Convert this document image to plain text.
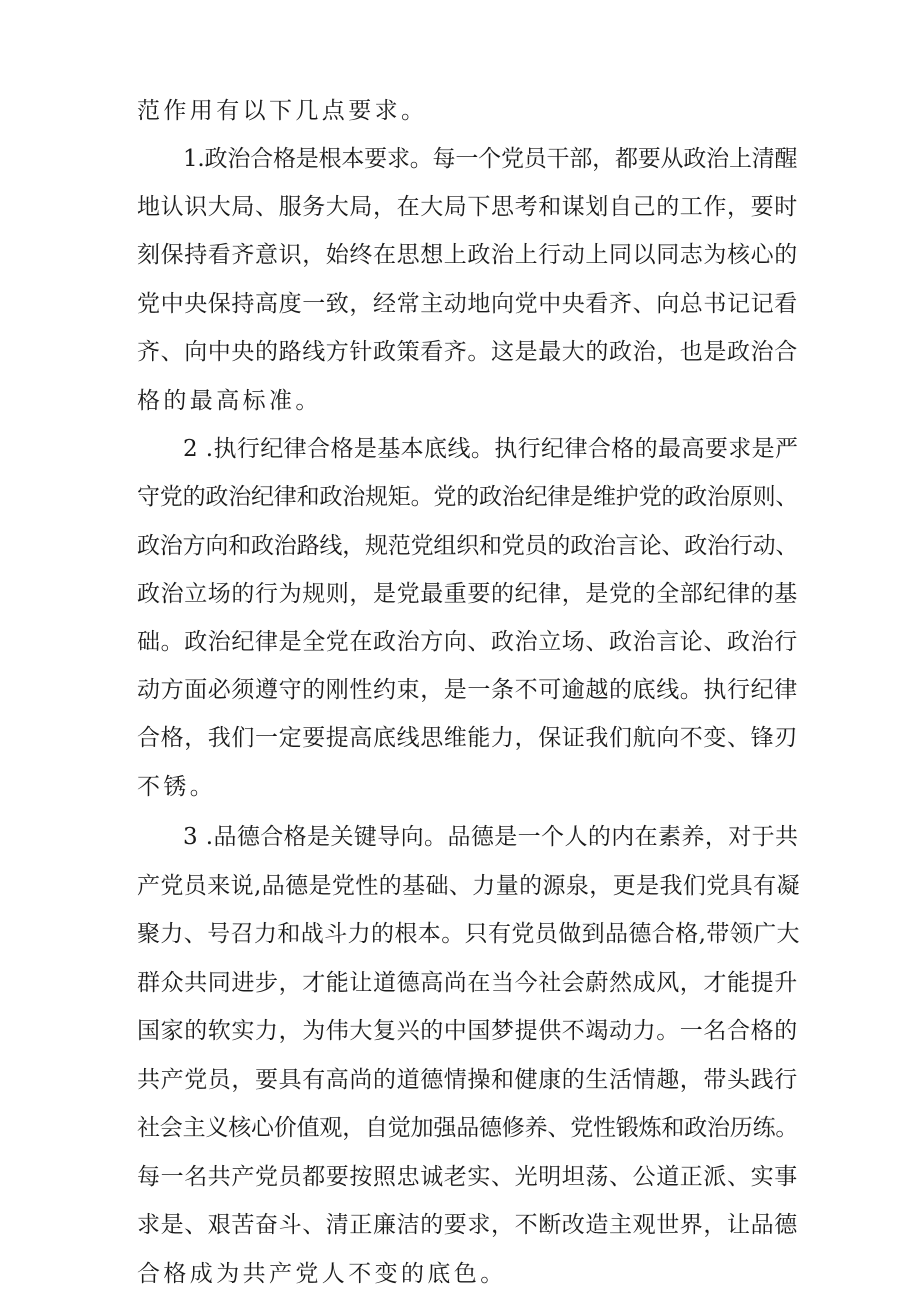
范作用有以下几点要求。
1.政治合格是根本要求。每一个党员干部，都要从政治上清醒
地认识大局、服务大局，在大局下思考和谋划自己的工作，要时
刻保持看齐意识，始终在思想上政治上行动上同以同志为核心的
党中央保持高度一致，经常主动地向党中央看齐、向总书记记看
齐、向中央的路线方针政策看齐。这是最大的政治，也是政治合
格的最高标准。
2 .执行纪律合格是基本底线。执行纪律合格的最高要求是严
守党的政治纪律和政治规矩。党的政治纪律是维护党的政治原则、
政治方向和政治路线，规范党组织和党员的政治言论、政治行动、
政治立场的行为规则，是党最重要的纪律，是党的全部纪律的基
础。政治纪律是全党在政治方向、政治立场、政治言论、政治行
动方面必须遵守的刚性约束，是一条不可逾越的底线。执行纪律
合格，我们一定要提高底线思维能力，保证我们航向不变、锋刃
不锈。
3 .品德合格是关键导向。品德是一个人的内在素养，对于共
产党员来说,品德是党性的基础、力量的源泉，更是我们党具有凝
聚力、号召力和战斗力的根本。只有党员做到品德合格,带领广大
群众共同进步，才能让道德高尚在当今社会蔚然成风，才能提升
国家的软实力，为伟大复兴的中国梦提供不竭动力。一名合格的
共产党员，要具有高尚的道德情操和健康的生活情趣，带头践行
社会主义核心价值观，自觉加强品德修养、党性锻炼和政治历练。
每一名共产党员都要按照忠诚老实、光明坦荡、公道正派、实事
求是、艰苦奋斗、清正廉洁的要求，不断改造主观世界，让品德
合格成为共产党人不变的底色。
